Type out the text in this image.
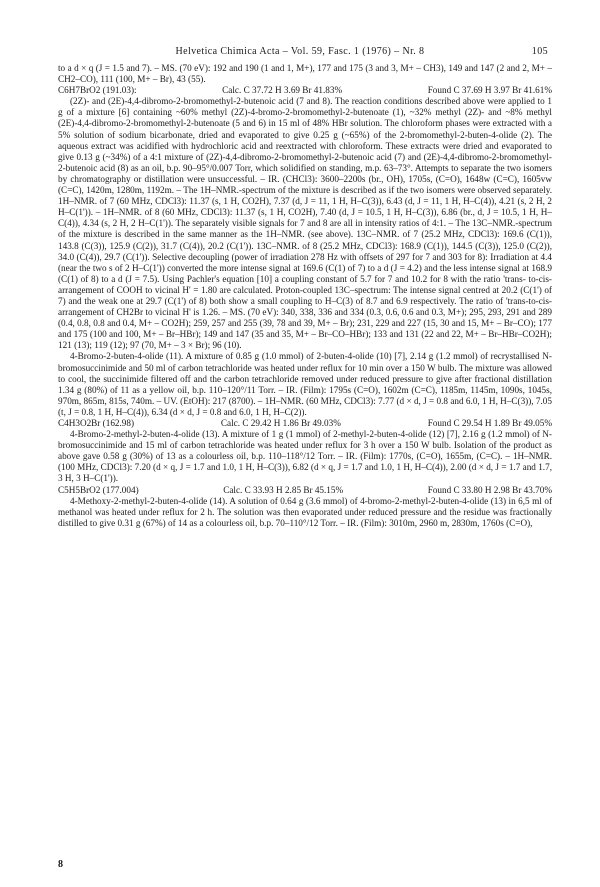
Helvetica Chimica Acta – Vol. 59, Fasc. 1 (1976) – Nr. 8	105

to a d × q (J = 1.5 and 7). – MS. (70 eV): 192 and 190 (1 and 1, M+), 177 and 175 (3 and 3, M+ – CH3), 149 and 147 (2 and 2, M+ – CH2–CO), 111 (100, M+ – Br), 43 (55).

C6H7BrO2 (191.03):	Calc. C 37.72 H 3.69 Br 41.83%	Found C 37.69 H 3.97 Br 41.61%

(2Z)- and (2E)-4,4-dibromo-2-bromomethyl-2-butenoic acid (7 and 8). The reaction conditions described above were applied to 1 g of a mixture [6] containing ~60% methyl (2Z)-4-bromo-2-bromomethyl-2-butenoate (1), ~32% methyl (2Z)- and ~8% methyl (2E)-4,4-dibromo-2-bromomethyl-2-butenoate (5 and 6) in 15 ml of 48% HBr solution. The chloroform phases were extracted with a 5% solution of sodium bicarbonate, dried and evaporated to give 0.25 g (~65%) of the 2-bromomethyl-2-buten-4-olide (2). The aqueous extract was acidified with hydrochloric acid and reextracted with chloroform. These extracts were dried and evaporated to give 0.13 g (~34%) of a 4:1 mixture of (2Z)-4,4-dibromo-2-bromomethyl-2-butenoic acid (7) and (2E)-4,4-dibromo-2-bromomethyl-2-butenoic acid (8) as an oil, b.p. 90–95°/0.007 Torr, which solidified on standing, m.p. 63–73°. Attempts to separate the two isomers by chromatography or distillation were unsuccessful. – IR. (CHCl3): 3600–2200s (br., OH), 1705s, (C=O), 1648w (C=C), 1605vw (C=C), 1420m, 1280m, 1192m. – The 1H–NMR.-spectrum of the mixture is described as if the two isomers were observed separately. 1H–NMR. of 7 (60 MHz, CDCl3): 11.37 (s, 1 H, CO2H), 7.37 (d, J = 11, 1 H, H–C(3)), 6.43 (d, J = 11, 1 H, H–C(4)), 4.21 (s, 2 H, 2 H–C(1')). – 1H–NMR. of 8 (60 MHz, CDCl3): 11.37 (s, 1 H, CO2H), 7.40 (d, J = 10.5, 1 H, H–C(3)), 6.86 (br., d, J = 10.5, 1 H, H–C(4)), 4.34 (s, 2 H, 2 H–C(1')). The separately visible signals for 7 and 8 are all in intensity ratios of 4:1. – The 13C–NMR.-spectrum of the mixture is described in the same manner as the 1H–NMR. (see above). 13C–NMR. of 7 (25.2 MHz, CDCl3): 169.6 (C(1)), 143.8 (C(3)), 125.9 (C(2)), 31.7 (C(4)), 20.2 (C(1')). 13C–NMR. of 8 (25.2 MHz, CDCl3): 168.9 (C(1)), 144.5 (C(3)), 125.0 (C(2)), 34.0 (C(4)), 29.7 (C(1')). Selective decoupling (power of irradiation 278 Hz with offsets of 297 for 7 and 303 for 8): Irradiation at 4.4 (near the two s of 2 H–C(1')) converted the more intense signal at 169.6 (C(1) of 7) to a d (J = 4.2) and the less intense signal at 168.9 (C(1) of 8) to a d (J = 7.5). Using Pachler's equation [10] a coupling constant of 5.7 for 7 and 10.2 for 8 with the ratio 'trans- to-cis-arrangement of COOH to vicinal H' = 1.80 are calculated. Proton-coupled 13C–spectrum: The intense signal centred at 20.2 (C(1') of 7) and the weak one at 29.7 (C(1') of 8) both show a small coupling to H–C(3) of 8.7 and 6.9 respectively. The ratio of 'trans-to-cis-arrangement of CH2Br to vicinal H' is 1.26. – MS. (70 eV): 340, 338, 336 and 334 (0.3, 0.6, 0.6 and 0.3, M+); 295, 293, 291 and 289 (0.4, 0.8, 0.8 and 0.4, M+ – CO2H); 259, 257 and 255 (39, 78 and 39, M+ – Br); 231, 229 and 227 (15, 30 and 15, M+ – Br–CO); 177 and 175 (100 and 100, M+ – Br–HBr); 149 and 147 (35 and 35, M+ – Br–CO–HBr); 133 and 131 (22 and 22, M+ – Br–HBr–CO2H); 121 (13); 119 (12); 97 (70, M+ – 3 × Br); 96 (10).

4-Bromo-2-buten-4-olide (11). A mixture of 0.85 g (1.0 mmol) of 2-buten-4-olide (10) [7], 2.14 g (1.2 mmol) of recrystallised N-bromosuccinimide and 50 ml of carbon tetrachloride was heated under reflux for 10 min over a 150 W bulb. The mixture was allowed to cool, the succinimide filtered off and the carbon tetrachloride removed under reduced pressure to give after fractional distillation 1.34 g (80%) of 11 as a yellow oil, b.p. 110–120°/11 Torr. – IR. (Film): 1795s (C=O), 1602m (C=C), 1185m, 1145m, 1090s, 1045s, 970m, 865m, 815s, 740m. – UV. (EtOH): 217 (8700). – 1H–NMR. (60 MHz, CDCl3): 7.77 (d × d, J = 0.8 and 6.0, 1 H, H–C(3)), 7.05 (t, J = 0.8, 1 H, H–C(4)), 6.34 (d × d, J = 0.8 and 6.0, 1 H, H–C(2)).

C4H3O2Br (162.98)	Calc. C 29.42 H 1.86 Br 49.03%	Found C 29.54 H 1.89 Br 49.05%

4-Bromo-2-methyl-2-buten-4-olide (13). A mixture of 1 g (1 mmol) of 2-methyl-2-buten-4-olide (12) [7], 2.16 g (1.2 mmol) of N-bromosuccinimide and 15 ml of carbon tetrachloride was heated under reflux for 3 h over a 150 W bulb. Isolation of the product as above gave 0.58 g (30%) of 13 as a colourless oil, b.p. 110–118°/12 Torr. – IR. (Film): 1770s, (C=O), 1655m, (C=C). – 1H–NMR. (100 MHz, CDCl3): 7.20 (d × q, J = 1.7 and 1.0, 1 H, H–C(3)), 6.82 (d × q, J = 1.7 and 1.0, 1 H, H–C(4)), 2.00 (d × d, J = 1.7 and 1.7, 3 H, 3 H–C(1')).

C5H5BrO2 (177.004)	Calc. C 33.93 H 2.85 Br 45.15%	Found C 33.80 H 2.98 Br 43.70%

4-Methoxy-2-methyl-2-buten-4-olide (14). A solution of 0.64 g (3.6 mmol) of 4-bromo-2-methyl-2-buten-4-olide (13) in 6,5 ml of methanol was heated under reflux for 2 h. The solution was then evaporated under reduced pressure and the residue was fractionally distilled to give 0.31 g (67%) of 14 as a colourless oil, b.p. 70–110°/12 Torr. – IR. (Film): 3010m, 2960 m, 2830m, 1760s (C=O),

8
